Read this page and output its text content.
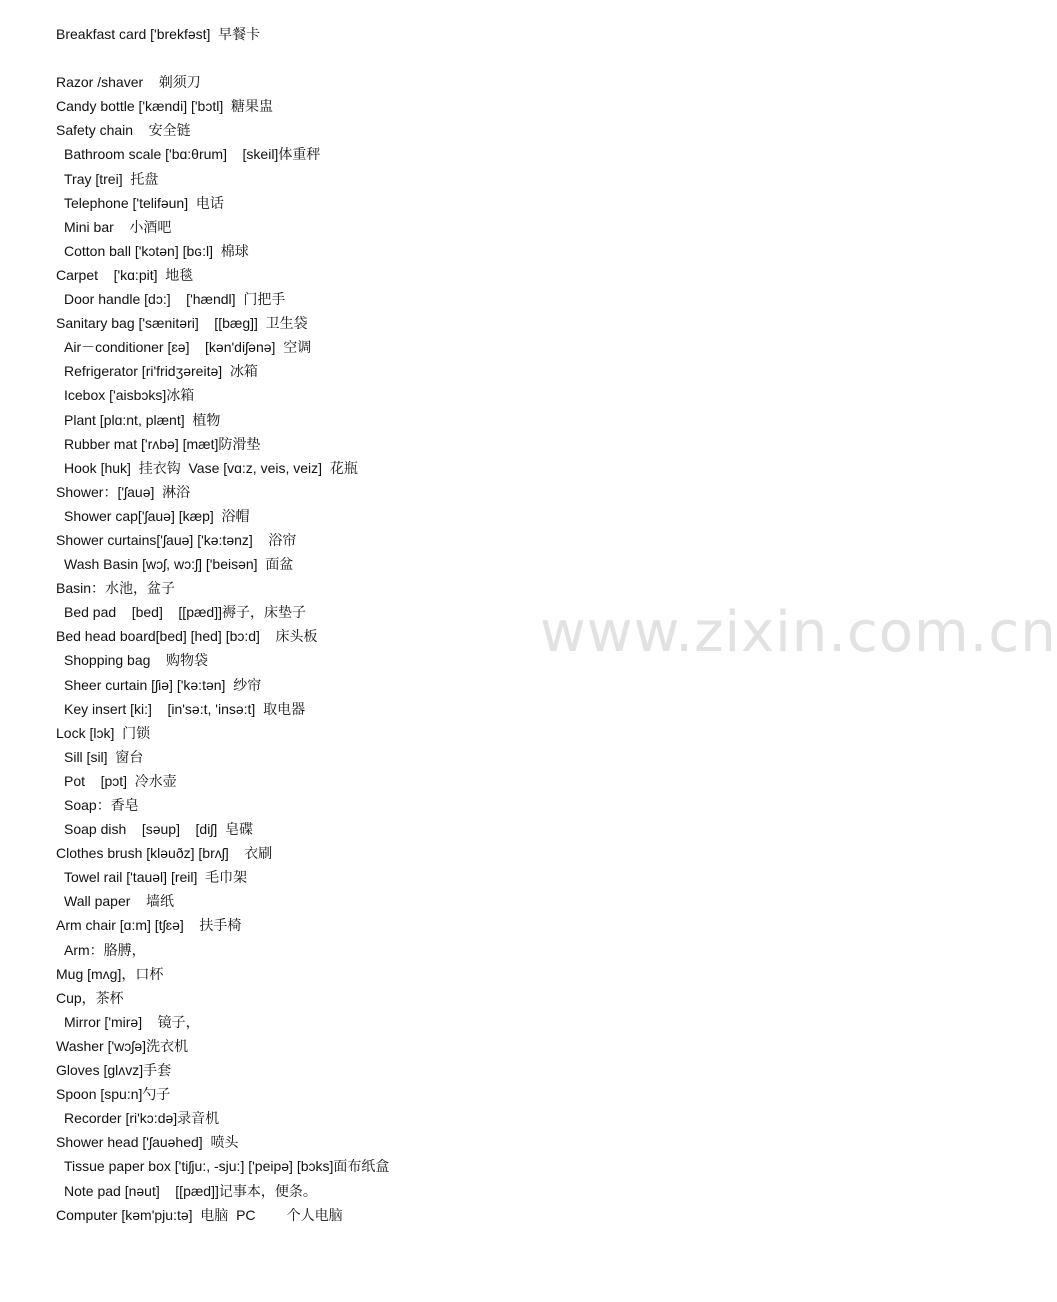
www.zixin.com.cn
Breakfast card ['brekfəst]  早餐卡
Razor /shaver    剃须刀
Candy bottle ['kændi] ['bɔtl]  糖果盅
Safety chain    安全链
Bathroom scale ['bɑ:θrum]    [skeil]体重秤
Tray [trei]  托盘
Telephone ['telifəun]  电话
Mini bar    小酒吧
Cotton ball ['kɔtən] [bɢ:l]  棉球
Carpet    ['kɑ:pit]  地毯
Door handle [dɔ:]    ['hændl]  门把手
Sanitary bag ['sænitəri]    [[bæɡ]]  卫生袋
Air－conditioner [ɛə]    [kən'diʃənə]  空调
Refrigerator [ri'fridʒəreitə]  冰箱
Icebox ['aisbɔks]冰箱
Plant [plɑ:nt, plænt]  植物
Rubber mat ['rʌbə] [mæt]防滑垫
Hook [huk]  挂衣钩  Vase [vɑ:z, veis, veiz]  花瓶
Shower：['ʃauə]  淋浴
Shower cap['ʃauə] [kæp]  浴帽
Shower curtains['ʃauə] ['kə:tənz]    浴帘
Wash Basin [wɔʃ, wɔ:ʃ] ['beisən]  面盆
Basin：水池，盆子
Bed pad    [bed]    [[pæd]]褥子，床垫子
Bed head board[bed] [hed] [bɔ:d]    床头板
Shopping bag    购物袋
Sheer curtain [ʃiə] ['kə:tən]  纱帘
Key insert [ki:]    [in'sə:t, 'insə:t]  取电器
Lock [lɔk]  门锁
Sill [sil]  窗台
Pot    [pɔt]  冷水壶
Soap：香皂
Soap dish    [səup]    [diʃ]  皂碟
Clothes brush [kləuðz] [brʌʃ]    衣刷
Towel rail ['tauəl] [reil]  毛巾架
Wall paper    墙纸
Arm chair [ɑ:m] [tʃɛə]    扶手椅
Arm：胳膊，
Mug [mʌɡ]，口杯
Cup，茶杯
Mirror ['mirə]    镜子，
Washer ['wɔʃə]洗衣机
Gloves [glʌvz]手套
Spoon [spu:n]勺子
Recorder [ri'kɔ:də]录音机
Shower head ['ʃauəhed]  喷头
Tissue paper box ['tiʃju:, -sju:] ['peipə] [bɔks]面布纸盒
Note pad [nəut]    [[pæd]]记事本，便条。
Computer [kəm'pju:tə]  电脑  PC        个人电脑
